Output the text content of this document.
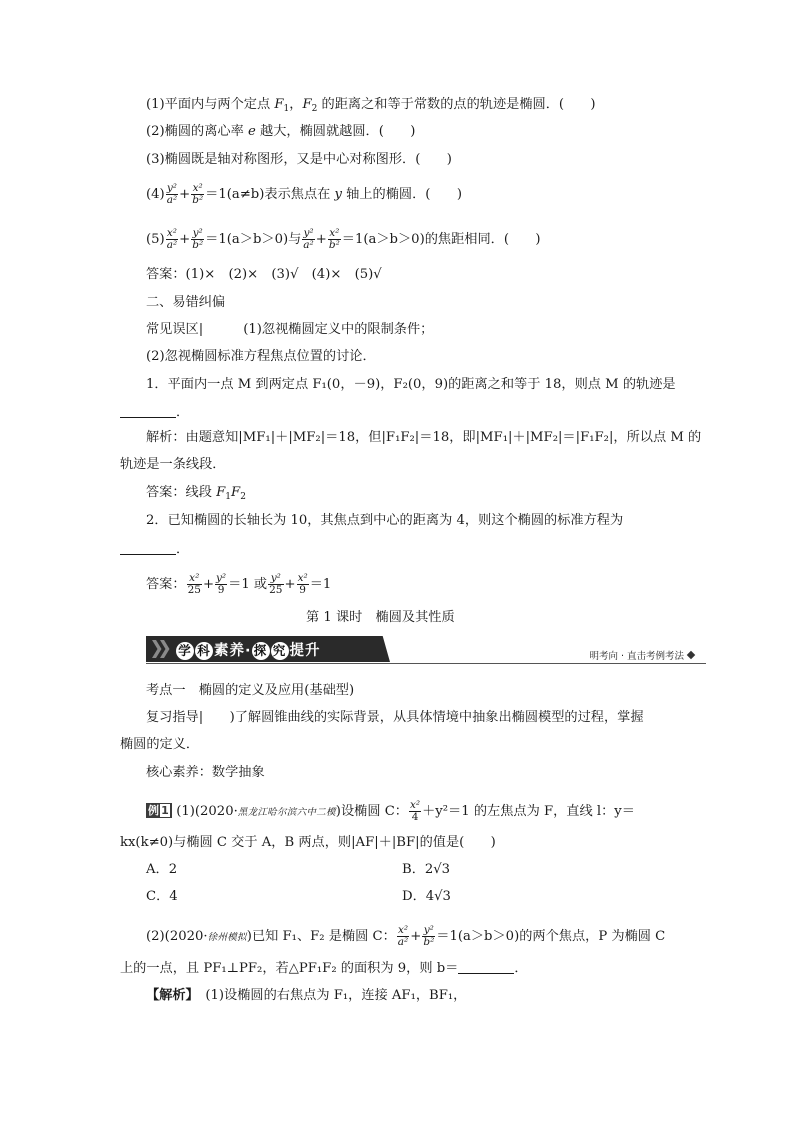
(1)平面内与两个定点 $F_1$，$F_2$ 的距离之和等于常数的点的轨迹是椭圆．(　　)
(2)椭圆的离心率 e 越大，椭圆就越圆．(　　)
(3)椭圆既是轴对称图形，又是中心对称图形．(　　)
$(4) \frac{\text{y²}}{\text{a²}} + \frac{\text{x²}}{\text{b²}} =1(a\ne b)$表示焦点在 y 轴上的椭圆．(　　)
$(5) \frac{\text{x²}}{\text{a²}} + \frac{\text{y²}}{\text{b²}} =1(a>b>0)$与 $\frac{\text{y²}}{\text{a²}} + \frac{\text{x²}}{\text{b²}} =1(a>b>0)$的焦距相同．(　　)
答案：(1)×　(2)×　(3)√　(4)×　(5)√
二、易错纠偏
常见误区|	(1)忽视椭圆定义中的限制条件；
(2)忽视椭圆标准方程焦点位置的讨论．
1．平面内一点 M 到两定点 F₁(0，－9)，F₂(0，9)的距离之和等于 18，则点 M 的轨迹是
．
解析：由题意知|MF₁|＋|MF₂|＝18，但|F₁F₂|＝18，即|MF₁|＋|MF₂|＝|F₁F₂|，所以点 M 的
轨迹是一条线段．
答案：线段 $F_1F_2$
2．已知椭圆的长轴长为 10，其焦点到中心的距离为 4，则这个椭圆的标准方程为
．
答案： $\frac{\text{x²}}{25} + \frac{\text{y²}}{9} =1$ 或 $\frac{\text{y²}}{25} + \frac{\text{x²}}{9} =1$
第 1 课时　椭圆及其性质
学 科 素养· 探 究 提升	明考向 · 直击考例考法
考点一　椭圆的定义及应用(基础型)
复习指导|　　)了解圆锥曲线的实际背景，从具体情境中抽象出椭圆模型的过程，掌握
椭圆的定义．
核心素养：数学抽象
例 1 (1)(2020·黑龙江哈尔滨六中二模)设椭圆 C： $\frac{\text{x²}}{4} +y^2=1$ 的左焦点为 F，直线 l：y＝
kx(k≠0)与椭圆 C 交于 A，B 两点，则|AF|＋|BF|的值是(　　)
A．2	B．2√3
C．4	D．4√3
(2)(2020·徐州模拟)已知 F₁、F₂ 是椭圆 C： $\frac{\text{x²}}{\text{a²}} + \frac{\text{y²}}{\text{b²}} =1(a>b>0)$的两个焦点，P 为椭圆 C
上的一点，且 PF₁⊥PF₂，若△PF₁F₂ 的面积为 9，则 b＝	．
【解析】　(1)设椭圆的右焦点为 F₁，连接 AF₁，BF₁，
